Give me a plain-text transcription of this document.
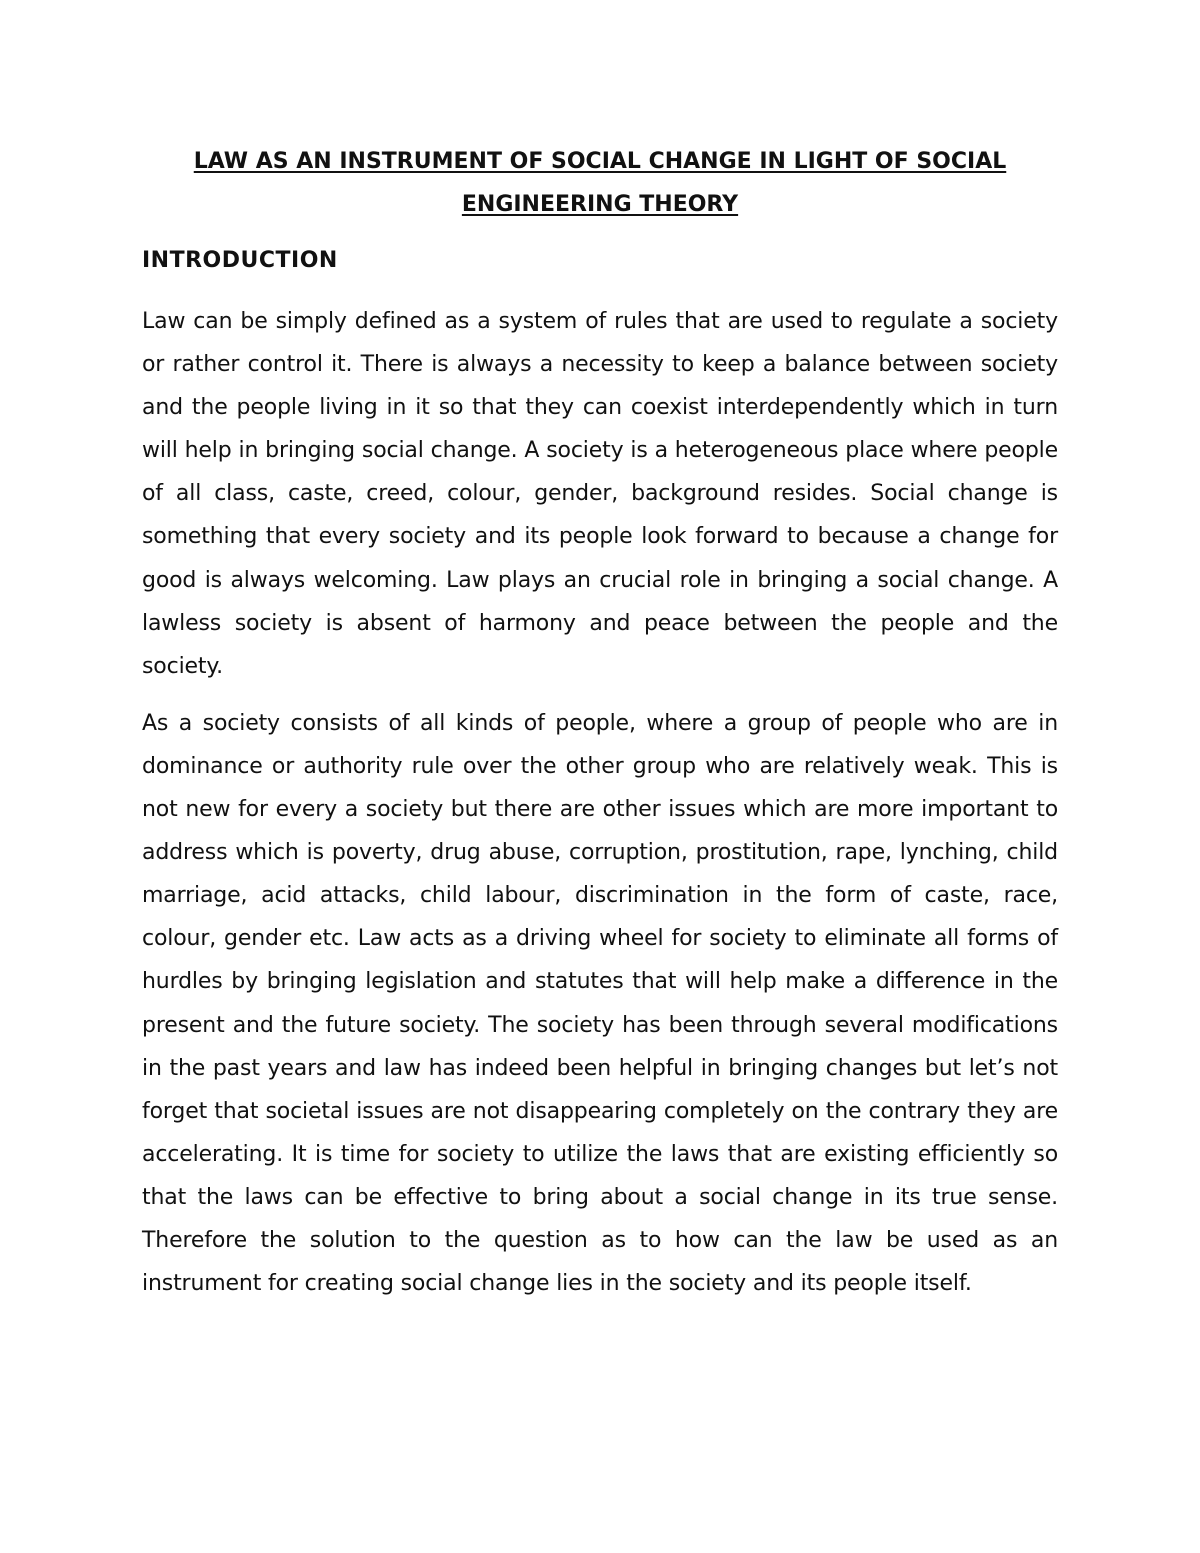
LAW AS AN INSTRUMENT OF SOCIAL CHANGE IN LIGHT OF SOCIAL

ENGINEERING THEORY

INTRODUCTION

Law can be simply defined as a system of rules that are used to regulate a society or rather control it. There is always a necessity to keep a balance between society and the people living in it so that they can coexist interdependently which in turn will help in bringing social change. A society is a heterogeneous place where people of all class, caste, creed, colour, gender, background resides. Social change is something that every society and its people look forward to because a change for good is always welcoming. Law plays an crucial role in bringing a social change. A lawless society is absent of harmony and peace between the people and the society.

As a society consists of all kinds of people, where a group of people who are in dominance or authority rule over the other group who are relatively weak. This is not new for every a society but there are other issues which are more important to address which is poverty, drug abuse, corruption, prostitution, rape, lynching, child marriage, acid attacks, child labour, discrimination in the form of caste, race, colour, gender etc. Law acts as a driving wheel for society to eliminate all forms of hurdles by bringing legislation and statutes that will help make a difference in the present and the future society. The society has been through several modifications in the past years and law has indeed been helpful in bringing changes but let’s not forget that societal issues are not disappearing completely on the contrary they are accelerating. It is time for society to utilize the laws that are existing efficiently so that the laws can be effective to bring about a social change in its true sense. Therefore the solution to the question as to how can the law be used as an instrument for creating social change lies in the society and its people itself.
